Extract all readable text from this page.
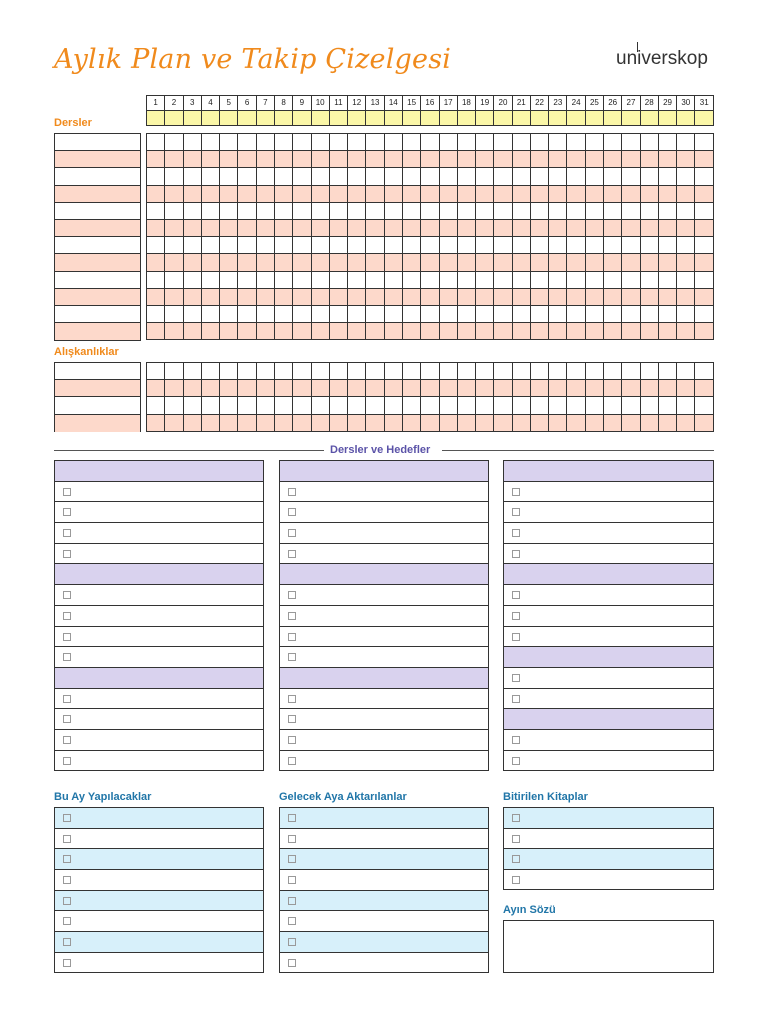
Aylık Plan ve Takip Çizelgesi	universkop
1	2	3	4	5	6	7	8	9	10	11	12	13	14	15	16	17	18	19	20	21	22	23	24	25	26	27	28	29	30	31

Dersler

Alışkanlıklar

Dersler ve Hedefler
Bu Ay Yapılacaklar	Gelecek Aya Aktarılanlar	Bitirilen Kitaplar
Ayın Sözü
